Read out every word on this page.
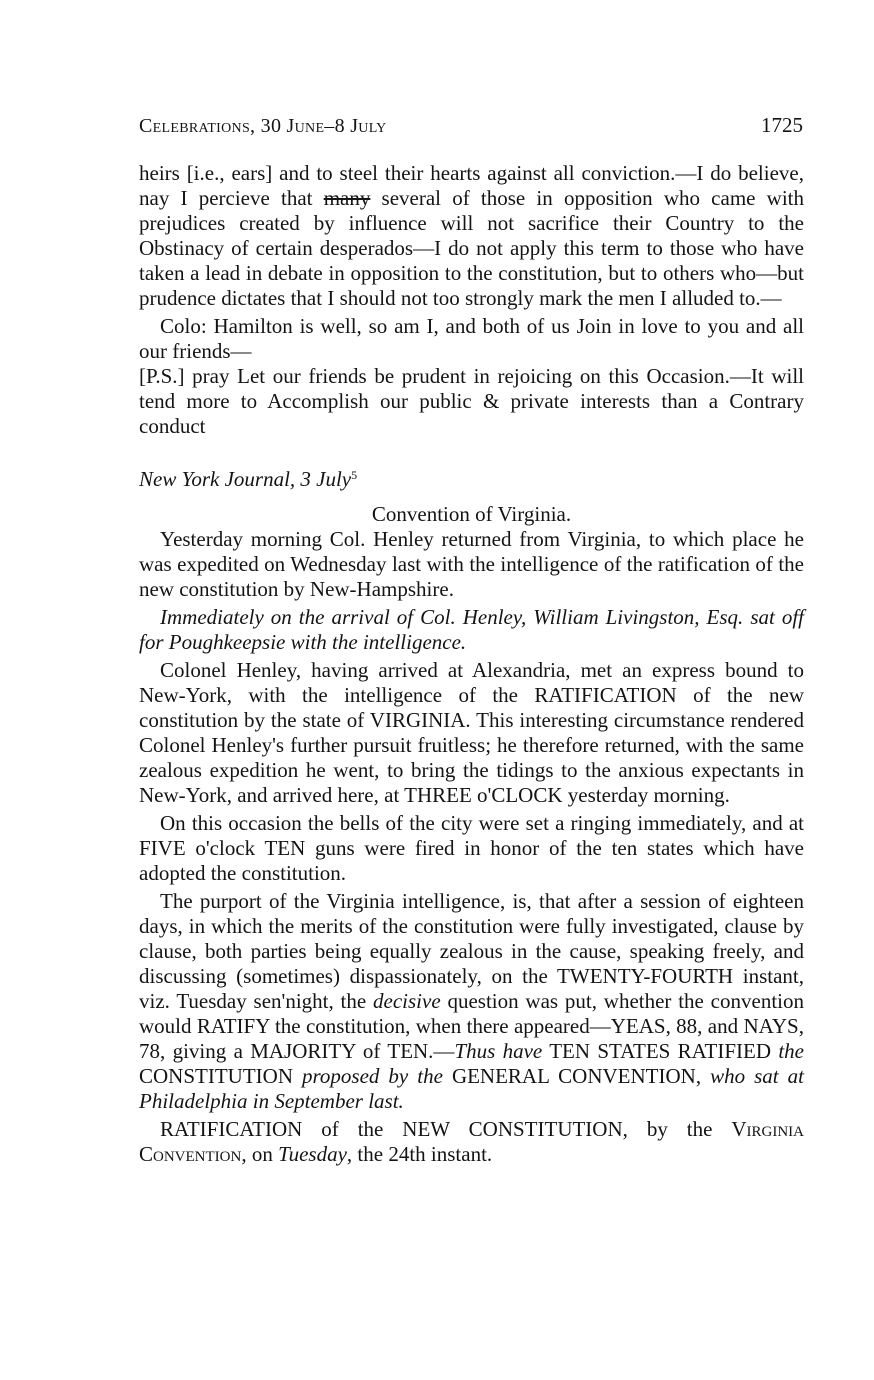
Celebrations, 30 June–8 July	1725

heirs [i.e., ears] and to steel their hearts against all conviction.—I do believe, nay I percieve that many several of those in opposition who came with prejudices created by influence will not sacrifice their Country to the Obstinacy of certain desperados—I do not apply this term to those who have taken a lead in debate in opposition to the constitution, but to others who—but prudence dictates that I should not too strongly mark the men I alluded to.—

Colo: Hamilton is well, so am I, and both of us Join in love to you and all our friends—

[P.S.] pray Let our friends be prudent in rejoicing on this Occasion.—It will tend more to Accomplish our public & private interests than a Contrary conduct

New York Journal, 3 July$^5$

Convention of Virginia.

Yesterday morning Col. Henley returned from Virginia, to which place he was expedited on Wednesday last with the intelligence of the ratification of the new constitution by New-Hampshire.

Immediately on the arrival of Col. Henley, William Livingston, Esq. sat off for Poughkeepsie with the intelligence.

Colonel Henley, having arrived at Alexandria, met an express bound to New-York, with the intelligence of the RATIFICATION of the new constitution by the state of VIRGINIA. This interesting circumstance rendered Colonel Henley's further pursuit fruitless; he therefore returned, with the same zealous expedition he went, to bring the tidings to the anxious expectants in New-York, and arrived here, at THREE o'CLOCK yesterday morning.

On this occasion the bells of the city were set a ringing immediately, and at FIVE o'clock TEN guns were fired in honor of the ten states which have adopted the constitution.

The purport of the Virginia intelligence, is, that after a session of eighteen days, in which the merits of the constitution were fully investigated, clause by clause, both parties being equally zealous in the cause, speaking freely, and discussing (sometimes) dispassionately, on the TWENTY-FOURTH instant, viz. Tuesday sen'night, the decisive question was put, whether the convention would RATIFY the constitution, when there appeared—YEAS, 88, and NAYS, 78, giving a MAJORITY of TEN.—Thus have TEN STATES RATIFIED the CONSTITUTION proposed by the GENERAL CONVENTION, who sat at Philadelphia in September last.

RATIFICATION of the NEW CONSTITUTION, by the Virginia Convention, on Tuesday, the 24th instant.
